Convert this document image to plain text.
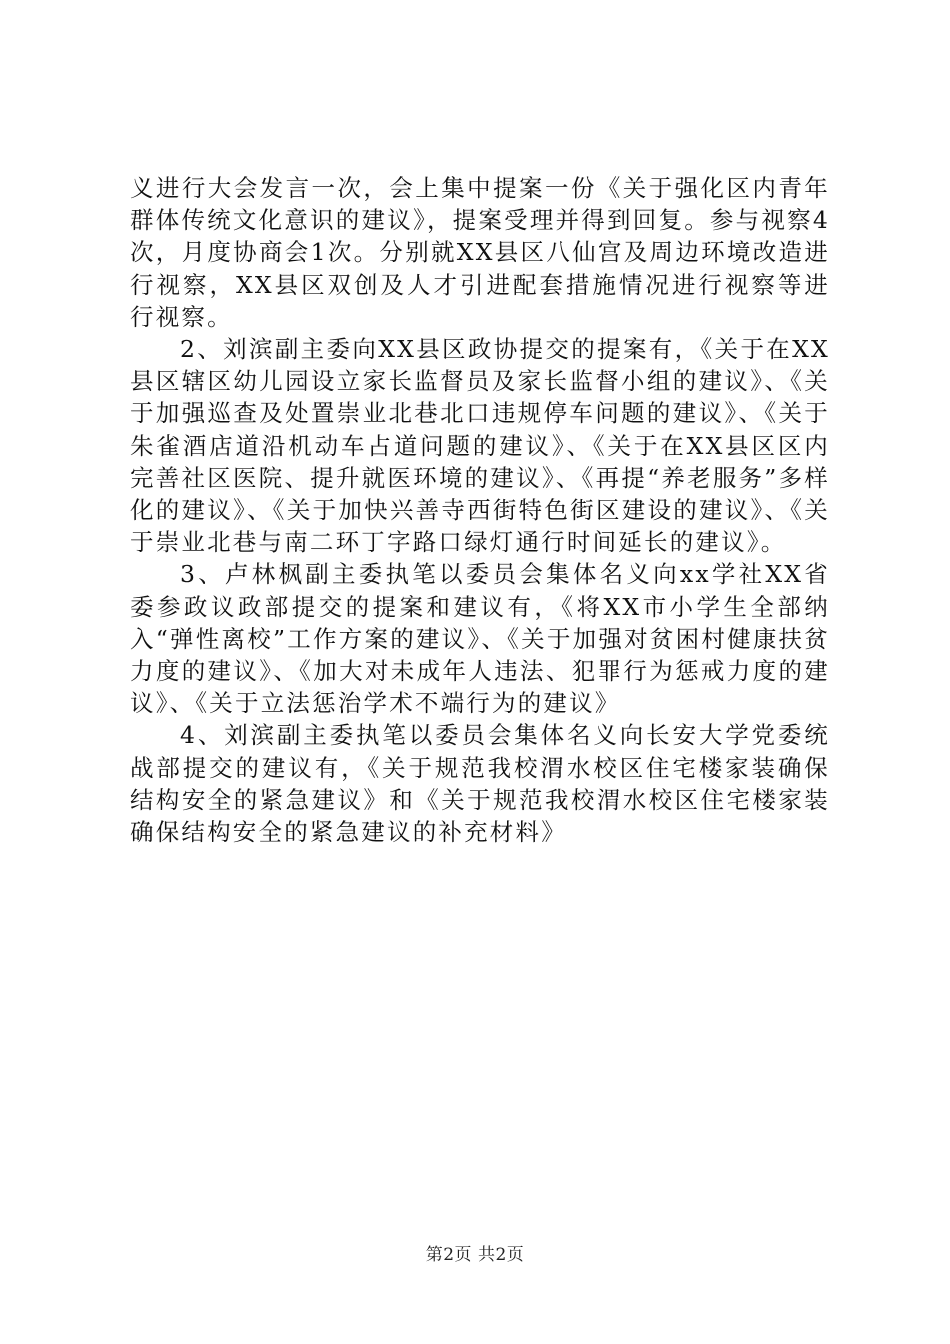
义进行大会发言一次，会上集中提案一份《关于强化区内青年群体传统文化意识的建议》，提案受理并得到回复。参与视察4次，月度协商会1次。分别就XX县区八仙宫及周边环境改造进行视察，XX县区双创及人才引进配套措施情况进行视察等进行视察。

2、刘滨副主委向XX县区政协提交的提案有，《关于在XX县区辖区幼儿园设立家长监督员及家长监督小组的建议》、《关于加强巡查及处置崇业北巷北口违规停车问题的建议》、《关于朱雀酒店道沿机动车占道问题的建议》、《关于在XX县区区内完善社区医院、提升就医环境的建议》、《再提“养老服务”多样化的建议》、《关于加快兴善寺西街特色街区建设的建议》、《关于崇业北巷与南二环丁字路口绿灯通行时间延长的建议》。

3、卢林枫副主委执笔以委员会集体名义向xx学社XX省委参政议政部提交的提案和建议有，《将XX市小学生全部纳入“弹性离校”工作方案的建议》、《关于加强对贫困村健康扶贫力度的建议》、《加大对未成年人违法、犯罪行为惩戒力度的建议》、《关于立法惩治学术不端行为的建议》

4、刘滨副主委执笔以委员会集体名义向长安大学党委统战部提交的建议有，《关于规范我校渭水校区住宅楼家装确保结构安全的紧急建议》和《关于规范我校渭水校区住宅楼家装确保结构安全的紧急建议的补充材料》

第2页 共2页
